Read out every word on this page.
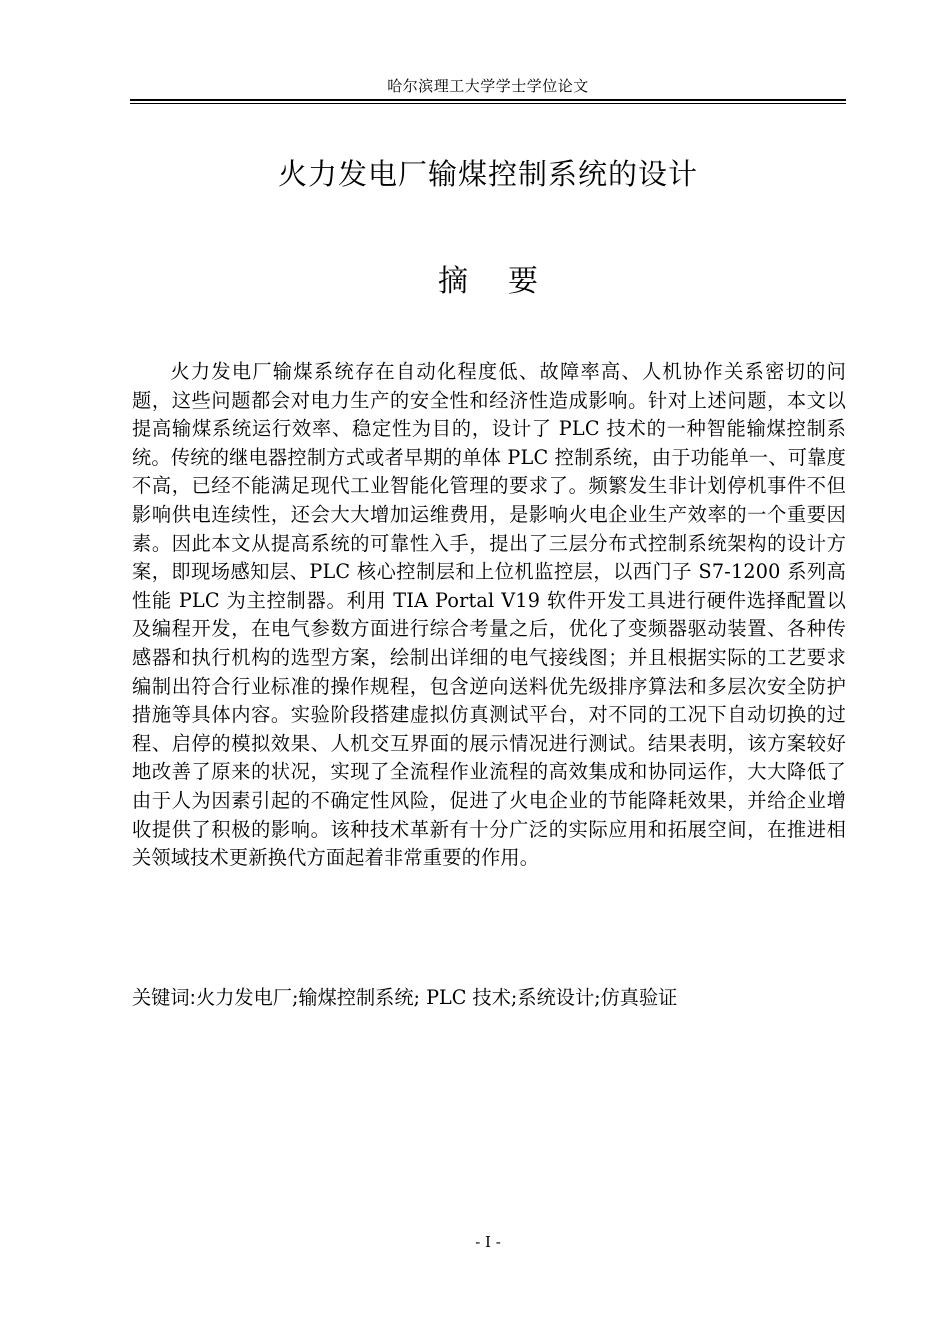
哈尔滨理工大学学士学位论文
火力发电厂输煤控制系统的设计
摘 要

火力发电厂输煤系统存在自动化程度低、故障率高、人机协作关系密切的问题，这些问题都会对电力生产的安全性和经济性造成影响。针对上述问题，本文以提高输煤系统运行效率、稳定性为目的，设计了 PLC 技术的一种智能输煤控制系统。传统的继电器控制方式或者早期的单体 PLC 控制系统，由于功能单一、可靠度不高，已经不能满足现代工业智能化管理的要求了。频繁发生非计划停机事件不但影响供电连续性，还会大大增加运维费用，是影响火电企业生产效率的一个重要因素。因此本文从提高系统的可靠性入手，提出了三层分布式控制系统架构的设计方案，即现场感知层、PLC 核心控制层和上位机监控层，以西门子 S7-1200 系列高性能 PLC 为主控制器。利用 TIA Portal V19 软件开发工具进行硬件选择配置以及编程开发，在电气参数方面进行综合考量之后，优化了变频器驱动装置、各种传感器和执行机构的选型方案，绘制出详细的电气接线图；并且根据实际的工艺要求编制出符合行业标准的操作规程，包含逆向送料优先级排序算法和多层次安全防护措施等具体内容。实验阶段搭建虚拟仿真测试平台，对不同的工况下自动切换的过程、启停的模拟效果、人机交互界面的展示情况进行测试。结果表明，该方案较好地改善了原来的状况，实现了全流程作业流程的高效集成和协同运作，大大降低了由于人为因素引起的不确定性风险，促进了火电企业的节能降耗效果，并给企业增收提供了积极的影响。该种技术革新有十分广泛的实际应用和拓展空间，在推进相关领域技术更新换代方面起着非常重要的作用。

关键词:火力发电厂;输煤控制系统; PLC 技术;系统设计;仿真验证
- I -
